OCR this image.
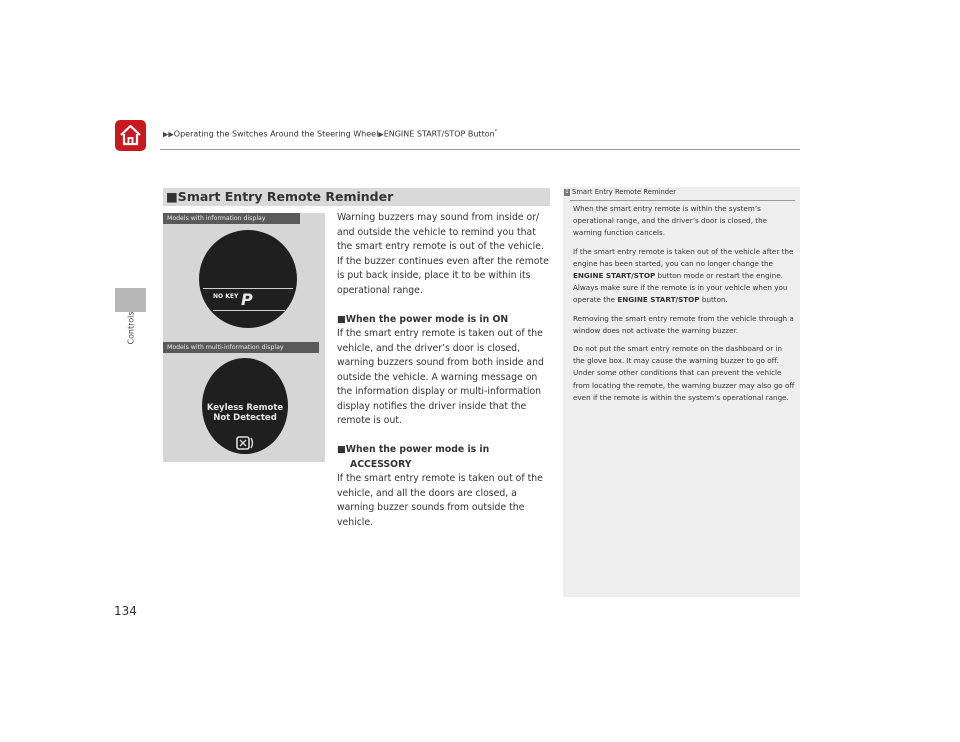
▶▶Operating the Switches Around the Steering Wheel▶ENGINE START/STOP Button*
Controls
134
■Smart Entry Remote Reminder
Models with information display
NO KEY P
Models with multi-information display
Keyless Remote
Not Detected

Warning buzzers may sound from inside or/ and outside the vehicle to remind you that the smart entry remote is out of the vehicle. If the buzzer continues even after the remote is put back inside, place it to be within its operational range.

■When the power mode is in ON

If the smart entry remote is taken out of the vehicle, and the driver’s door is closed, warning buzzers sound from both inside and outside the vehicle. A warning message on the information display or multi-information display notifies the driver inside that the remote is out.

■When the power mode is in ACCESSORY

If the smart entry remote is taken out of the vehicle, and all the doors are closed, a warning buzzer sounds from outside the vehicle.

1 Smart Entry Remote Reminder

When the smart entry remote is within the system’s operational range, and the driver’s door is closed, the warning function cancels.

If the smart entry remote is taken out of the vehicle after the engine has been started, you can no longer change the ENGINE START/STOP button mode or restart the engine. Always make sure if the remote is in your vehicle when you operate the ENGINE START/STOP button.

Removing the smart entry remote from the vehicle through a window does not activate the warning buzzer.

Do not put the smart entry remote on the dashboard or in the glove box. It may cause the warning buzzer to go off. Under some other conditions that can prevent the vehicle from locating the remote, the warning buzzer may also go off even if the remote is within the system’s operational range.
